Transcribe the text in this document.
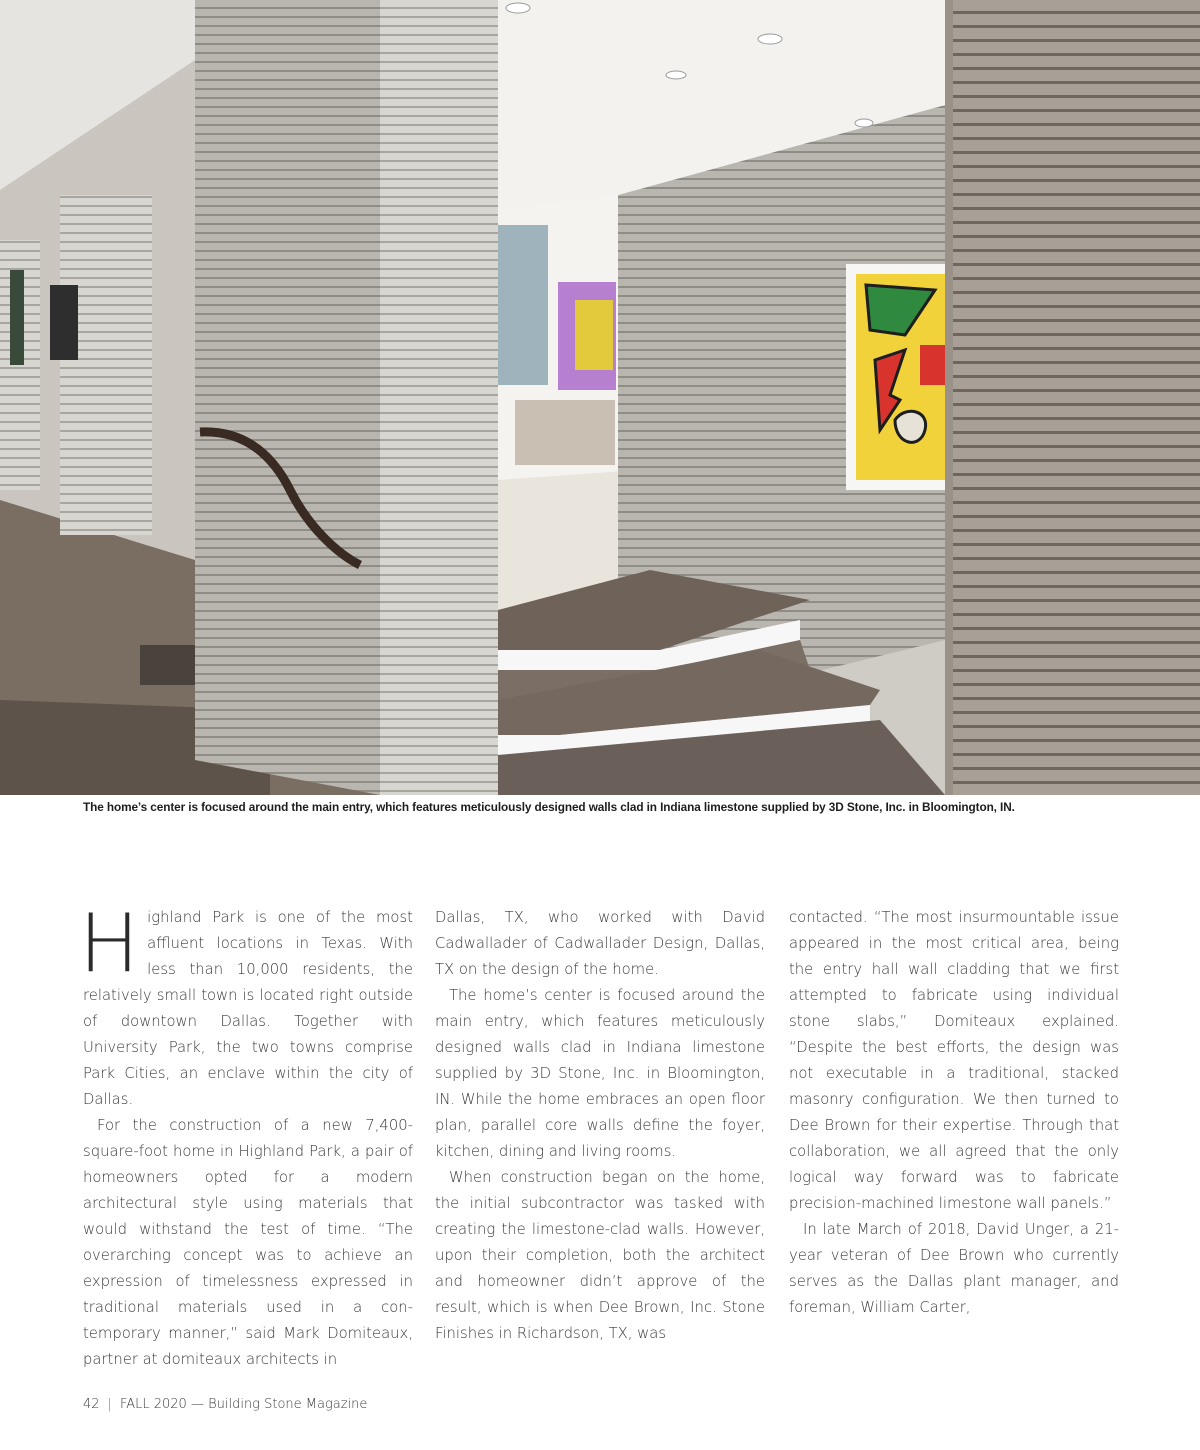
The home’s center is focused around the main entry, which features meticulously designed walls clad in Indiana limestone supplied by 3D Stone, Inc. in Bloomington, IN.

Highland Park is one of the most affluent locations in Texas. With less than 10,000 residents, the relatively small town is located right outside of downtown Dallas. Together with University Park, the two towns comprise Park Cities, an enclave within the city of Dallas.

For the construction of a new 7,400-square-foot home in Highland Park, a pair of homeowners opted for a modern architectural style using materials that would withstand the test of time. “The overarching concept was to achieve an expression of timelessness expressed in traditional materials used in a con-temporary manner,” said Mark Domiteaux, partner at domiteaux architects in

Dallas, TX, who worked with David Cadwallader of Cadwallader Design, Dallas, TX on the design of the home.

The home’s center is focused around the main entry, which features meticulously designed walls clad in Indiana limestone supplied by 3D Stone, Inc. in Bloomington, IN. While the home embraces an open floor plan, parallel core walls define the foyer, kitchen, dining and living rooms.

When construction began on the home, the initial subcontractor was tasked with creating the limestone-clad walls. However, upon their completion, both the architect and homeowner didn’t approve of the result, which is when Dee Brown, Inc. Stone Finishes in Richardson, TX, was

contacted. “The most insurmountable issue appeared in the most critical area, being the entry hall wall cladding that we first attempted to fabricate using individual stone slabs,” Domiteaux explained. “Despite the best efforts, the design was not executable in a traditional, stacked masonry configuration. We then turned to Dee Brown for their expertise. Through that collaboration, we all agreed that the only logical way forward was to fabricate precision-machined limestone wall panels.”

In late March of 2018, David Unger, a 21-year veteran of Dee Brown who currently serves as the Dallas plant manager, and foreman, William Carter,

42 | FALL 2020 — Building Stone Magazine
